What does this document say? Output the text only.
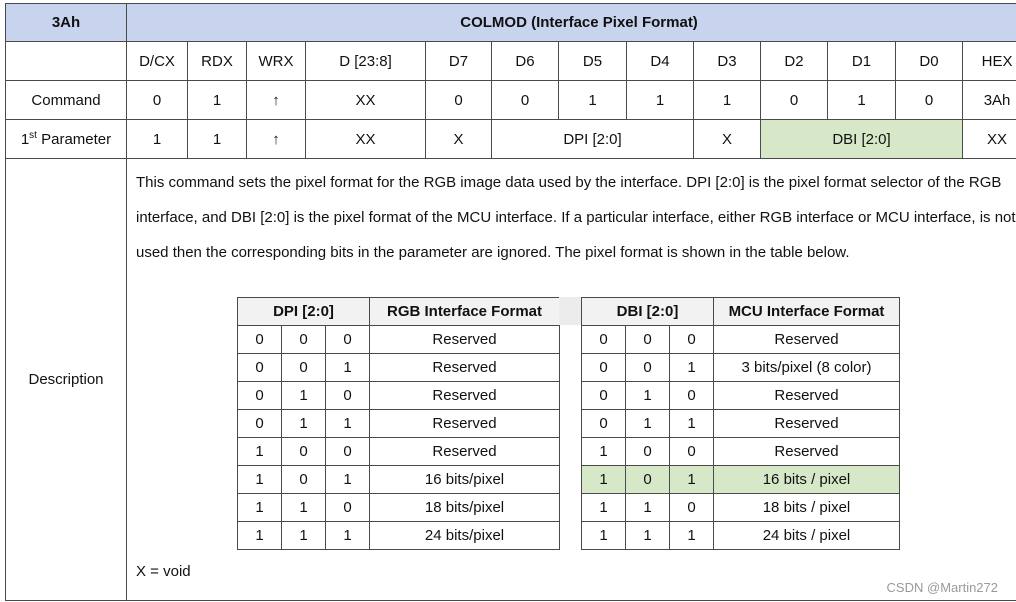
3Ah	COLMOD (Interface Pixel Format)
	D/CX	RDX	WRX	D [23:8]	D7	D6	D5	D4	D3	D2	D1	D0	HEX
Command	0	1	↑	XX	0	0	1	1	1	0	1	0	3Ah
1st Parameter	1	1	↑	XX	X	DPI [2:0]	X	DBI [2:0]	XX
Description	
This command sets the pixel format for the RGB image data used by the interface. DPI [2:0] is the pixel format selector of the RGB interface, and DBI [2:0] is the pixel format of the MCU interface. If a particular interface, either RGB interface or MCU interface, is not used then the corresponding bits in the parameter are ignored. The pixel format is shown in the table below.
DPI [2:0]	RGB Interface Format
0	0	0	Reserved
0	0	1	Reserved
0	1	0	Reserved
0	1	1	Reserved
1	0	0	Reserved
1	0	1	16 bits/pixel
1	1	0	18 bits/pixel
1	1	1	24 bits/pixel
DBI [2:0]	MCU Interface Format
0	0	0	Reserved
0	0	1	3 bits/pixel (8 color)
0	1	0	Reserved
0	1	1	Reserved
1	0	0	Reserved
1	0	1	16 bits / pixel
1	1	0	18 bits / pixel
1	1	1	24 bits / pixel
X = void
CSDN @Martin272
